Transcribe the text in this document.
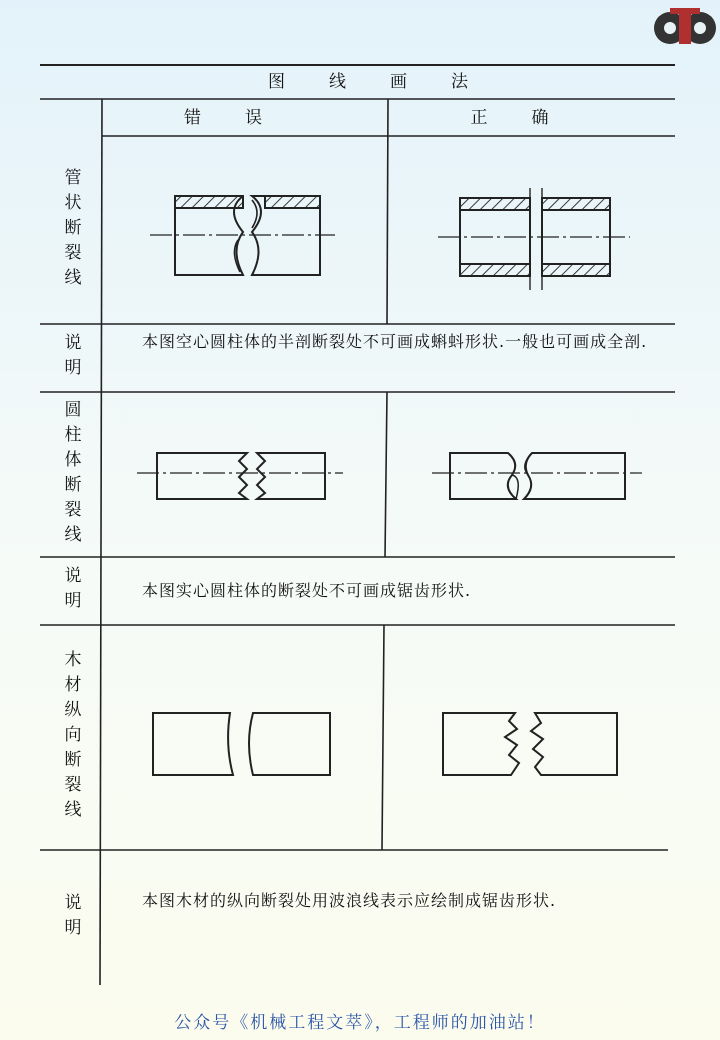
图线画法
错误	正确
管状断裂线
说明	本图空心圆柱体的半剖断裂处不可画成蝌蚪形状.一般也可画成全剖.
圆柱体断裂线
说明	本图实心圆柱体的断裂处不可画成锯齿形状.
木材纵向断裂线
说明	本图木材的纵向断裂处用波浪线表示应绘制成锯齿形状.
公众号《机械工程文萃》，工程师的加油站！
